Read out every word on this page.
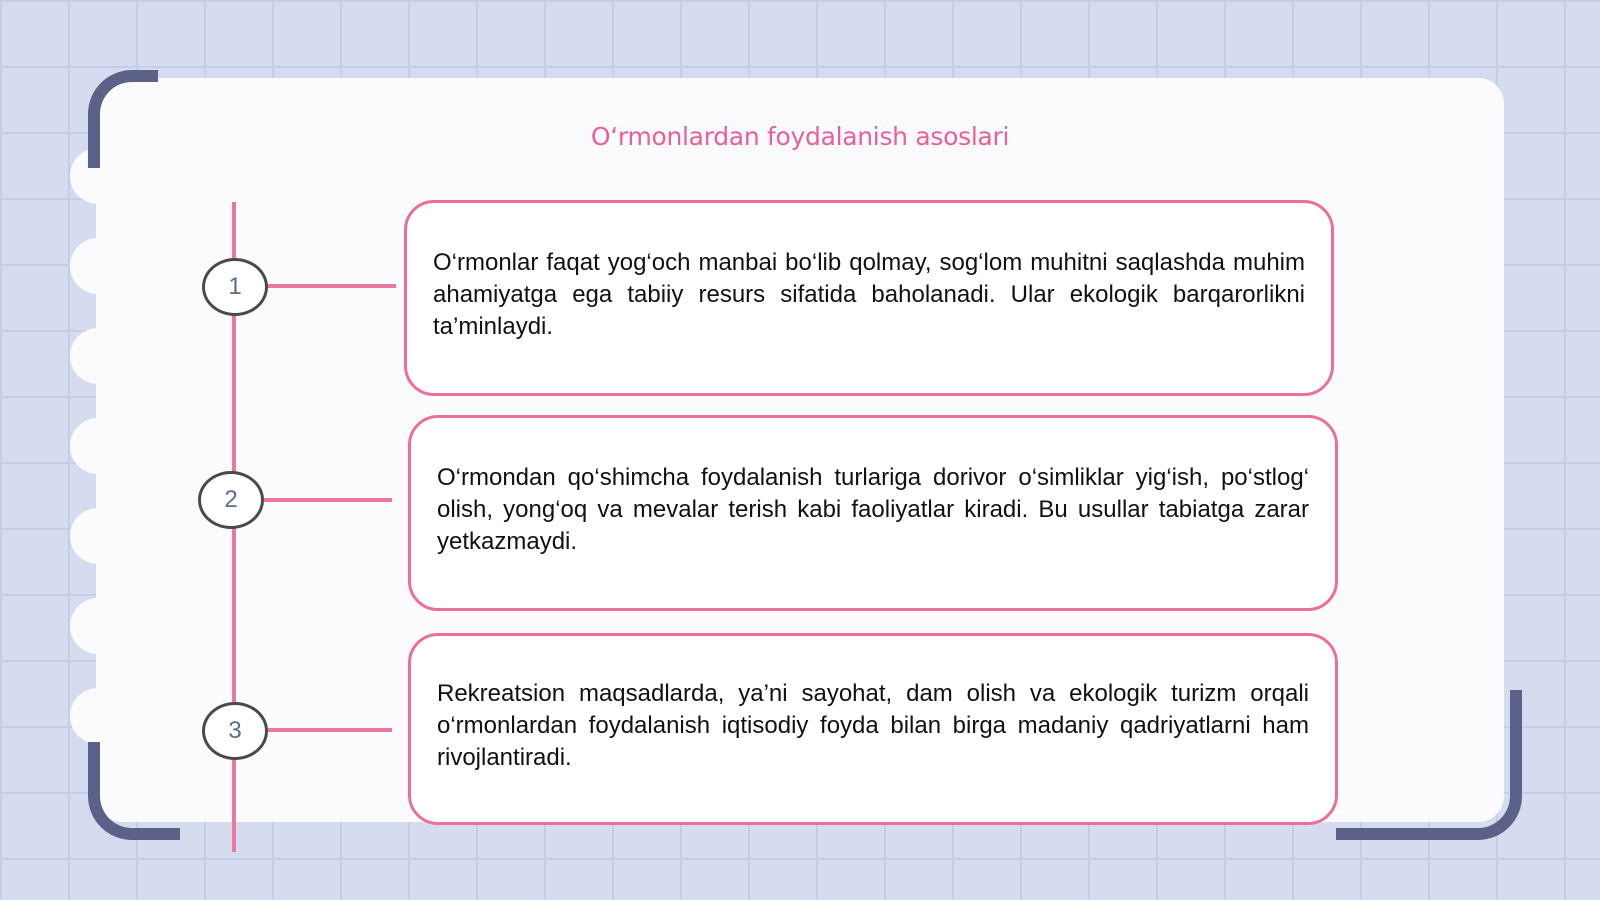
O‘rmonlardan foydalanish asoslari
1

O‘rmonlar faqat yog‘och manbai bo‘lib qolmay, sog‘lom muhitni saqlashda muhim ahamiyatga ega tabiiy resurs sifatida baholanadi. Ular ekologik barqarorlikni ta’minlaydi.

2

O‘rmondan qo‘shimcha foydalanish turlariga dorivor o‘simliklar yig‘ish, po‘stlog‘ olish, yong‘oq va mevalar terish kabi faoliyatlar kiradi. Bu usullar tabiatga zarar yetkazmaydi.

3

Rekreatsion maqsadlarda, ya’ni sayohat, dam olish va ekologik turizm orqali o‘rmonlardan foydalanish iqtisodiy foyda bilan birga madaniy qadriyatlarni ham rivojlantiradi.
